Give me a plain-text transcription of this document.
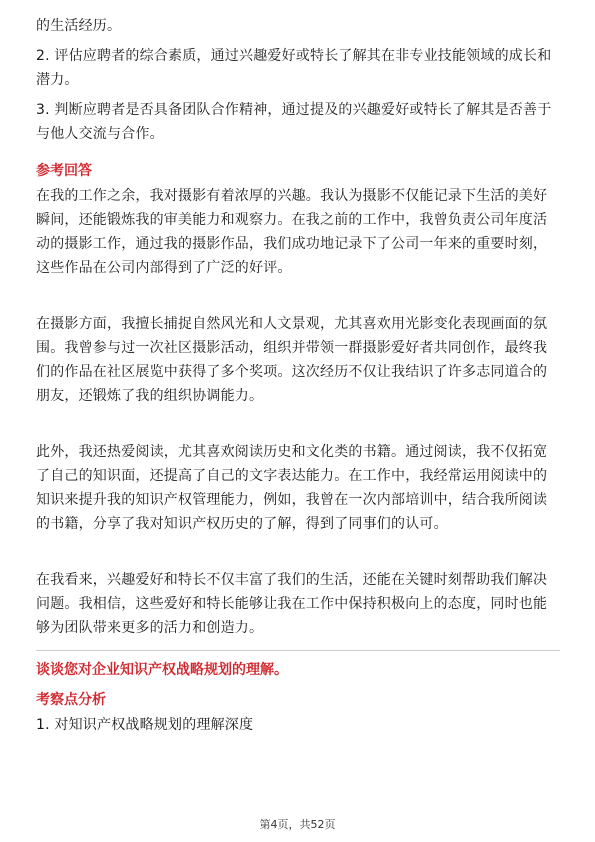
的生活经历。

2. 评估应聘者的综合素质，通过兴趣爱好或特长了解其在非专业技能领域的成长和潜力。

3. 判断应聘者是否具备团队合作精神，通过提及的兴趣爱好或特长了解其是否善于与他人交流与合作。

参考回答

在我的工作之余，我对摄影有着浓厚的兴趣。我认为摄影不仅能记录下生活的美好瞬间，还能锻炼我的审美能力和观察力。在我之前的工作中，我曾负责公司年度活动的摄影工作，通过我的摄影作品，我们成功地记录下了公司一年来的重要时刻，这些作品在公司内部得到了广泛的好评。

在摄影方面，我擅长捕捉自然风光和人文景观，尤其喜欢用光影变化表现画面的氛围。我曾参与过一次社区摄影活动，组织并带领一群摄影爱好者共同创作，最终我们的作品在社区展览中获得了多个奖项。这次经历不仅让我结识了许多志同道合的朋友，还锻炼了我的组织协调能力。

此外，我还热爱阅读，尤其喜欢阅读历史和文化类的书籍。通过阅读，我不仅拓宽了自己的知识面，还提高了自己的文字表达能力。在工作中，我经常运用阅读中的知识来提升我的知识产权管理能力，例如，我曾在一次内部培训中，结合我所阅读的书籍，分享了我对知识产权历史的了解，得到了同事们的认可。

在我看来，兴趣爱好和特长不仅丰富了我们的生活，还能在关键时刻帮助我们解决问题。我相信，这些爱好和特长能够让我在工作中保持积极向上的态度，同时也能够为团队带来更多的活力和创造力。

谈谈您对企业知识产权战略规划的理解。
考察点分析

1. 对知识产权战略规划的理解深度

第4页，共52页
